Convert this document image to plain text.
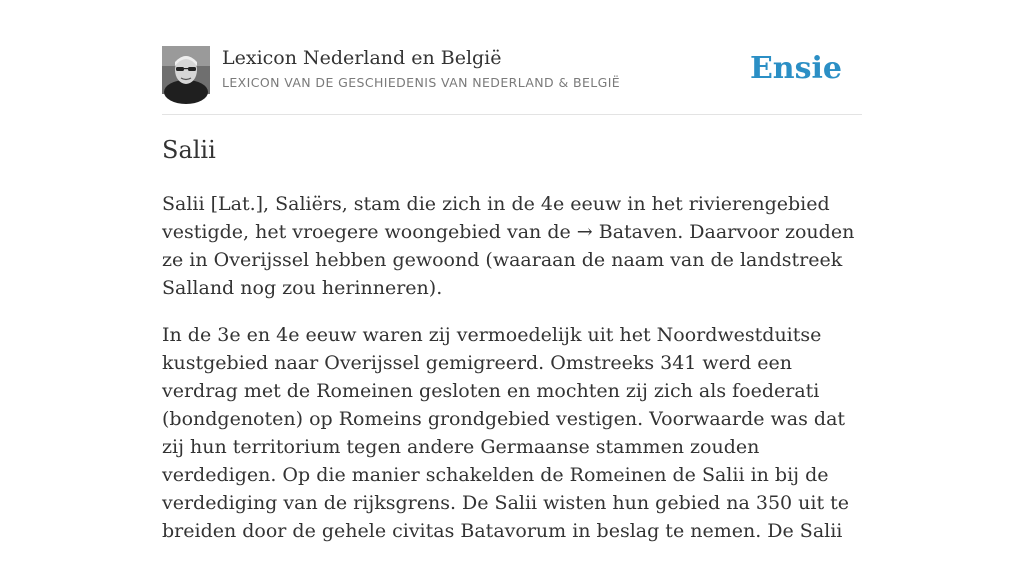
Lexicon Nederland en België
LEXICON VAN DE GESCHIEDENIS VAN NEDERLAND & BELGIË	Ensie
Salii

Salii [Lat.], Saliërs, stam die zich in de 4e eeuw in het rivierengebied vestigde, het vroegere woongebied van de → Bataven. Daarvoor zouden ze in Overijssel hebben gewoond (waaraan de naam van de landstreek Salland nog zou herinneren).

In de 3e en 4e eeuw waren zij vermoedelijk uit het Noordwestduitse kustgebied naar Overijssel gemigreerd. Omstreeks 341 werd een verdrag met de Romeinen gesloten en mochten zij zich als foederati (bondgenoten) op Romeins grondgebied vestigen. Voorwaarde was dat zij hun territorium tegen andere Germaanse stammen zouden verdedigen. Op die manier schakelden de Romeinen de Salii in bij de verdediging van de rijksgrens. De Salii wisten hun gebied na 350 uit te breiden door de gehele civitas Batavorum in beslag te nemen. De Salii
